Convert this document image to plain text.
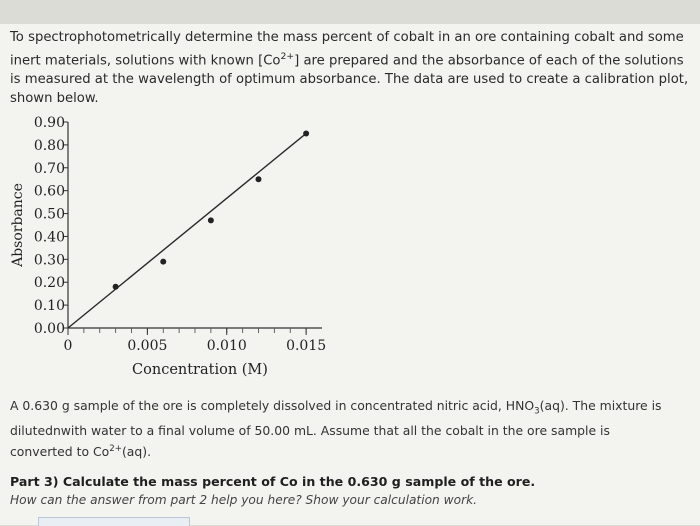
To spectrophotometrically determine the mass percent of cobalt in an ore containing cobalt and some inert materials, solutions with known $[Co^{2+}]$ are prepared and the absorbance of each of the solutions is measured at the wavelength of optimum absorbance. The data are used to create a calibration plot, shown below.
0.00
0.10
0.20
0.30
0.40
0.50
0.60
0.70
0.80
0.90
0	0.005	0.010	0.015
Concentration (M)
Absorbance
A 0.630 g sample of the ore is completely dissolved in concentrated nitric acid, $HNO_3(aq)$. The mixture is dilutednwith water to a final volume of 50.00 mL. Assume that all the cobalt in the ore sample is converted to $Co^{2+}(aq)$.
Part 3) Calculate the mass percent of Co in the 0.630 g sample of the ore.
How can the answer from part 2 help you here? Show your calculation work.
